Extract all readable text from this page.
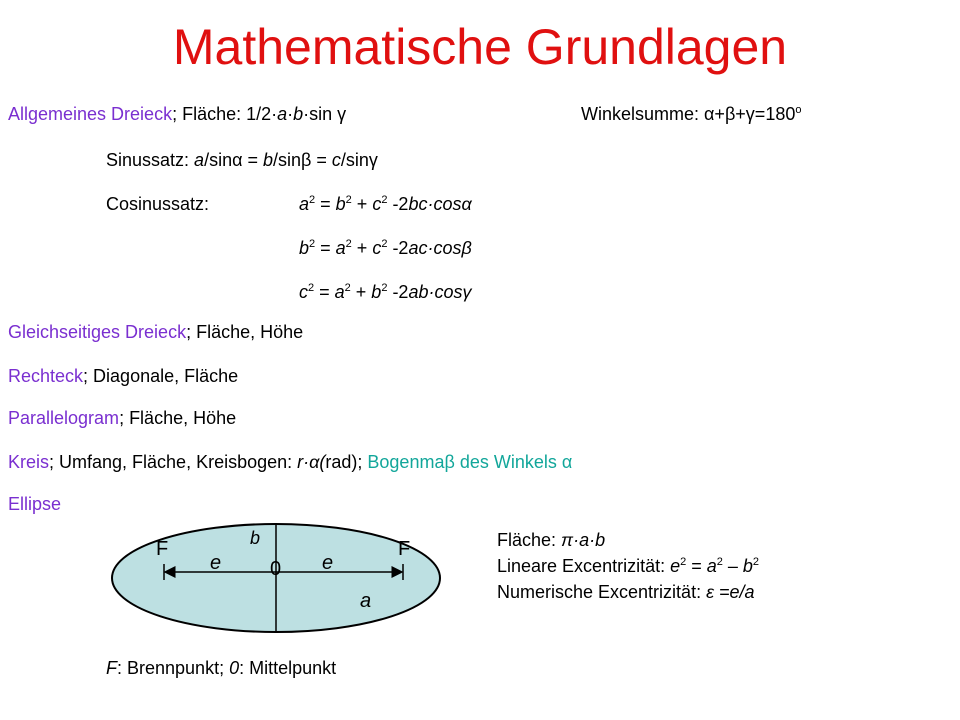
Mathematische Grundlagen
Allgemeines Dreieck; Fläche: 1/2·a·b·sin γ	Winkelsumme: $\alpha+\beta+\gamma=180^o$
Sinussatz: a/sinα = b/sinβ = c/sinγ
Cosinussatz:	$a^2 = b^2 + c^2$ -2bc·cosα
$b^2 = a^2 + c^2$ -2ac·cosβ
$c^2 = a^2 + b^2$ -2ab·cosγ
Gleichseitiges Dreieck; Fläche, Höhe
Rechteck; Diagonale, Fläche
Parallelogram; Fläche, Höhe
Kreis; Umfang, Fläche, Kreisbogen: r·α(rad); Bogenmaβ des Winkels α
Ellipse
F	F
b
e	e
0
a
Fläche: π·a·b
Lineare Excentrizität: $e^2 = a^2 - b^2$
Numerische Excentrizität: ε =e/a
F: Brennpunkt; 0: Mittelpunkt
